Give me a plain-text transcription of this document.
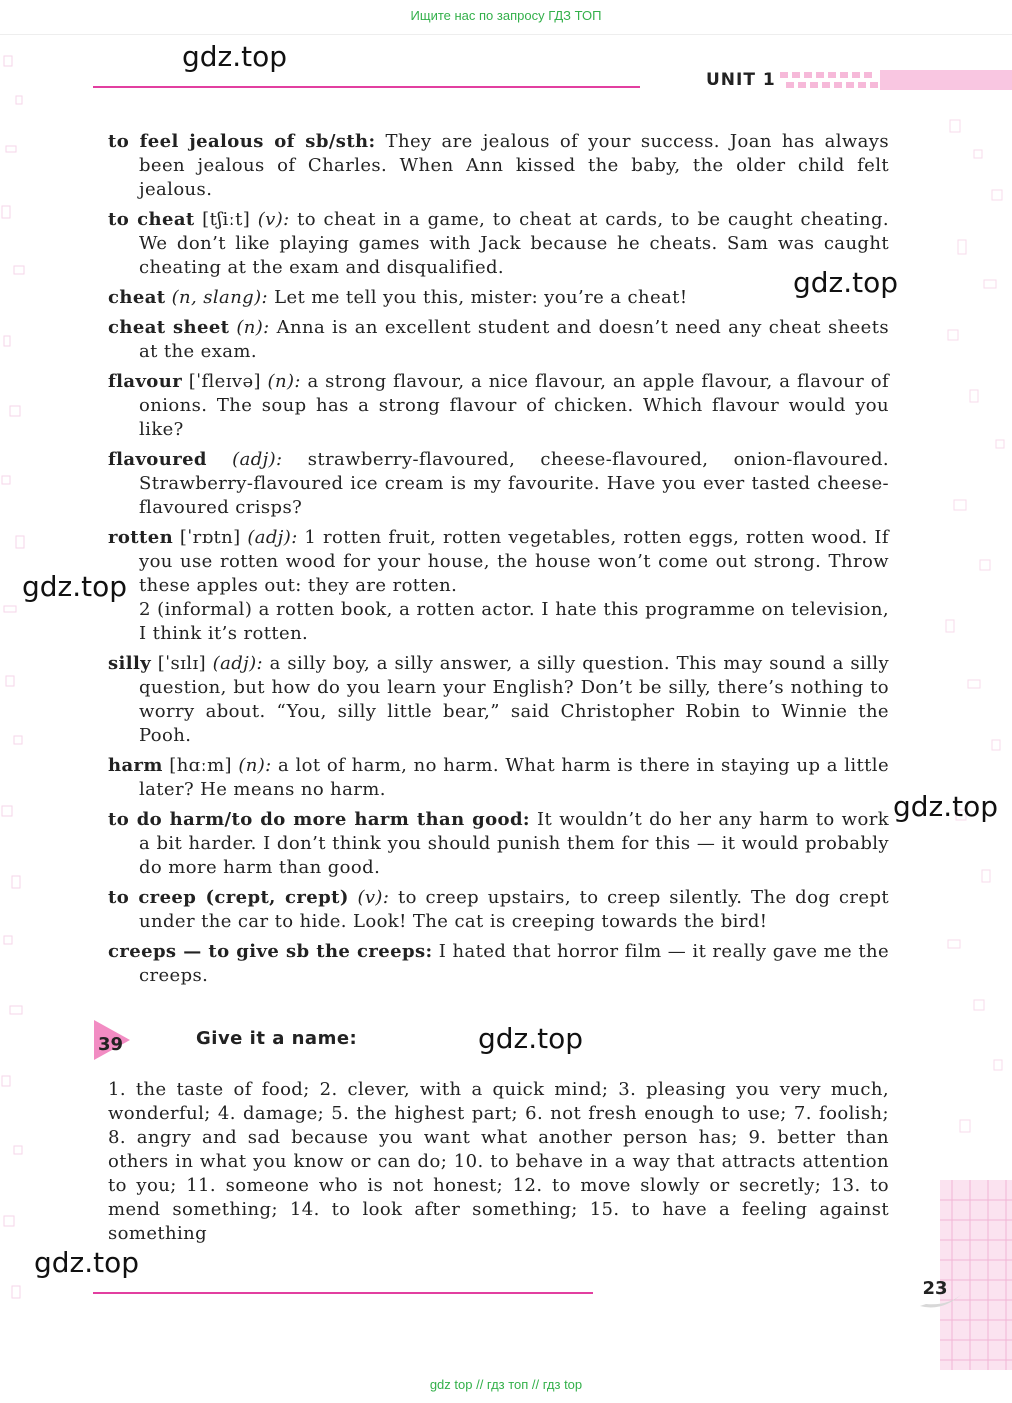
Ищите нас по запросу ГДЗ ТОП
gdz.top
UNIT 1
to feel jealous of sb/sth: They are jealous of your success. Joan has always been jealous of Charles. When Ann kissed the baby, the older child felt jealous.
to cheat [tʃiːt] (v): to cheat in a game, to cheat at cards, to be caught cheating. We don’t like playing games with Jack because he cheats. Sam was caught cheating at the exam and disqualified.
cheat (n, slang): Let me tell you this, mister: you’re a cheat!
cheat sheet (n): Anna is an excellent student and doesn’t need any cheat sheets at the exam.
flavour [ˈfleɪvə] (n): a strong flavour, a nice flavour, an apple flavour, a flavour of onions. The soup has a strong flavour of chicken. Which flavour would you like?
flavoured (adj): strawberry-flavoured, cheese-flavoured, onion-flavoured. Strawberry-flavoured ice cream is my favourite. Have you ever tasted cheese-flavoured crisps?
rotten [ˈrɒtn] (adj): 1 rotten fruit, rotten vegetables, rotten eggs, rotten wood. If you use rotten wood for your house, the house won’t come out strong. Throw these apples out: they are rotten.
2 (informal) a rotten book, a rotten actor. I hate this programme on television, I think it’s rotten.
silly [ˈsɪlɪ] (adj): a silly boy, a silly answer, a silly question. This may sound a silly question, but how do you learn your English? Don’t be silly, there’s nothing to worry about. “You, silly little bear,” said Christopher Robin to Winnie the Pooh.
harm [hɑːm] (n): a lot of harm, no harm. What harm is there in staying up a little later? He means no harm.
to do harm/to do more harm than good: It wouldn’t do her any harm to work a bit harder. I don’t think you should punish them for this — it would probably do more harm than good.
to creep (crept, crept) (v): to creep upstairs, to creep silently. The dog crept under the car to hide. Look! The cat is creeping towards the bird!
creeps — to give sb the creeps: I hated that horror film — it really gave me the creeps.
gdz.top
gdz.top
gdz.top
gdz.top
gdz.top
39	Give it a name:
1. the taste of food; 2. clever, with a quick mind; 3. pleasing you very much, wonderful; 4. damage; 5. the highest part; 6. not fresh enough to use; 7. foolish; 8. angry and sad because you want what another person has; 9. better than others in what you know or can do; 10. to behave in a way that attracts attention to you; 11. someone who is not honest; 12. to move slowly or secretly; 13. to mend something; 14. to look after something; 15. to have a feeling against something
23
gdz top // гдз топ // гдз top
